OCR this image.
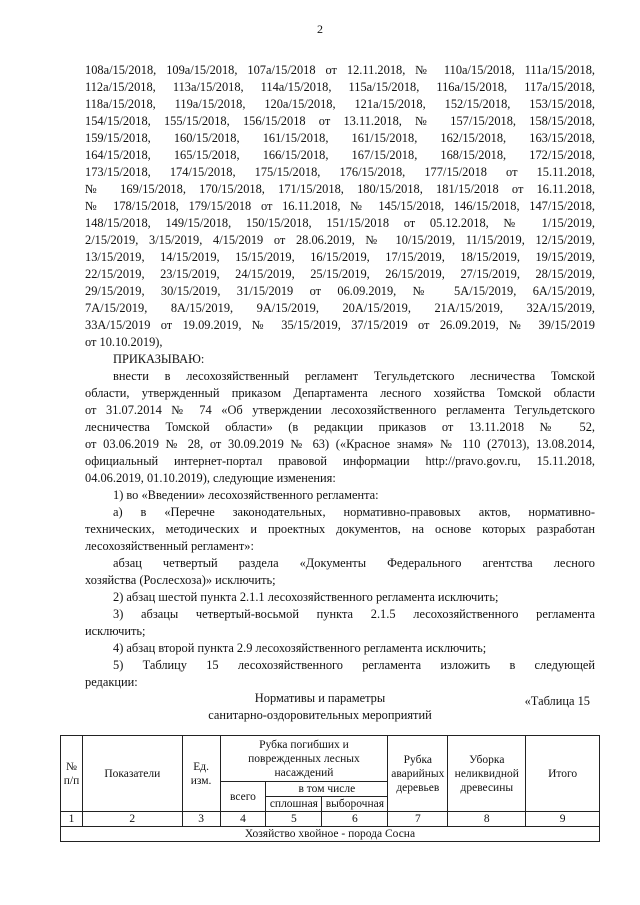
2
108а/15/2018, 109а/15/2018, 107а/15/2018 от 12.11.2018, № 110а/15/2018, 111а/15/2018,
112а/15/2018, 113а/15/2018, 114а/15/2018, 115а/15/2018, 116а/15/2018, 117а/15/2018,
118а/15/2018, 119а/15/2018, 120а/15/2018, 121а/15/2018, 152/15/2018, 153/15/2018,
154/15/2018, 155/15/2018, 156/15/2018 от 13.11.2018, № 157/15/2018, 158/15/2018,
159/15/2018, 160/15/2018, 161/15/2018, 161/15/2018, 162/15/2018, 163/15/2018,
164/15/2018, 165/15/2018, 166/15/2018, 167/15/2018, 168/15/2018, 172/15/2018,
173/15/2018, 174/15/2018, 175/15/2018, 176/15/2018, 177/15/2018 от 15.11.2018,
№ 169/15/2018, 170/15/2018, 171/15/2018, 180/15/2018, 181/15/2018 от 16.11.2018,
№ 178/15/2018, 179/15/2018 от 16.11.2018, № 145/15/2018, 146/15/2018, 147/15/2018,
148/15/2018, 149/15/2018, 150/15/2018, 151/15/2018 от 05.12.2018, № 1/15/2019,
2/15/2019, 3/15/2019, 4/15/2019 от 28.06.2019, № 10/15/2019, 11/15/2019, 12/15/2019,
13/15/2019, 14/15/2019, 15/15/2019, 16/15/2019, 17/15/2019, 18/15/2019, 19/15/2019,
22/15/2019, 23/15/2019, 24/15/2019, 25/15/2019, 26/15/2019, 27/15/2019, 28/15/2019,
29/15/2019, 30/15/2019, 31/15/2019 от 06.09.2019, № 5А/15/2019, 6А/15/2019,
7А/15/2019, 8А/15/2019, 9А/15/2019, 20А/15/2019, 21А/15/2019, 32А/15/2019,
33А/15/2019 от 19.09.2019, № 35/15/2019, 37/15/2019 от 26.09.2019, № 39/15/2019
от 10.10.2019),
ПРИКАЗЫВАЮ:
внести в лесохозяйственный регламент Тегульдетского лесничества Томской
области, утвержденный приказом Департамента лесного хозяйства Томской области
от 31.07.2014 № 74 «Об утверждении лесохозяйственного регламента Тегульдетского
лесничества Томской области» (в редакции приказов от 13.11.2018 № 52,
от 03.06.2019 № 28, от 30.09.2019 № 63) («Красное знамя» № 110 (27013), 13.08.2014,
официальный интернет-портал правовой информации http://pravo.gov.ru, 15.11.2018,
04.06.2019, 01.10.2019), следующие изменения:
1) во «Введении» лесохозяйственного регламента:
а) в «Перечне законодательных, нормативно-правовых актов, нормативно-
технических, методических и проектных документов, на основе которых разработан
лесохозяйственный регламент»:
абзац четвертый раздела «Документы Федерального агентства лесного
хозяйства (Рослесхоза)» исключить;
2) абзац шестой пункта 2.1.1 лесохозяйственного регламента исключить;
3) абзацы четвертый-восьмой пункта 2.1.5 лесохозяйственного регламента
исключить;
4) абзац второй пункта 2.9 лесохозяйственного регламента исключить;
5) Таблицу 15 лесохозяйственного регламента изложить в следующей
редакции:
«Таблица 15
Нормативы и параметры
санитарно-оздоровительных мероприятий
№ п/п	Показатели	Ед. изм.	Рубка погибших и поврежденных лесных насаждений			Рубка аварийных деревьев	Уборка неликвидной древесины	Итого
			всего	в том числе				
				сплошная	выборочная			
1	2	3	4	5	6	7	8	9
Хозяйство хвойное - порода Сосна								
